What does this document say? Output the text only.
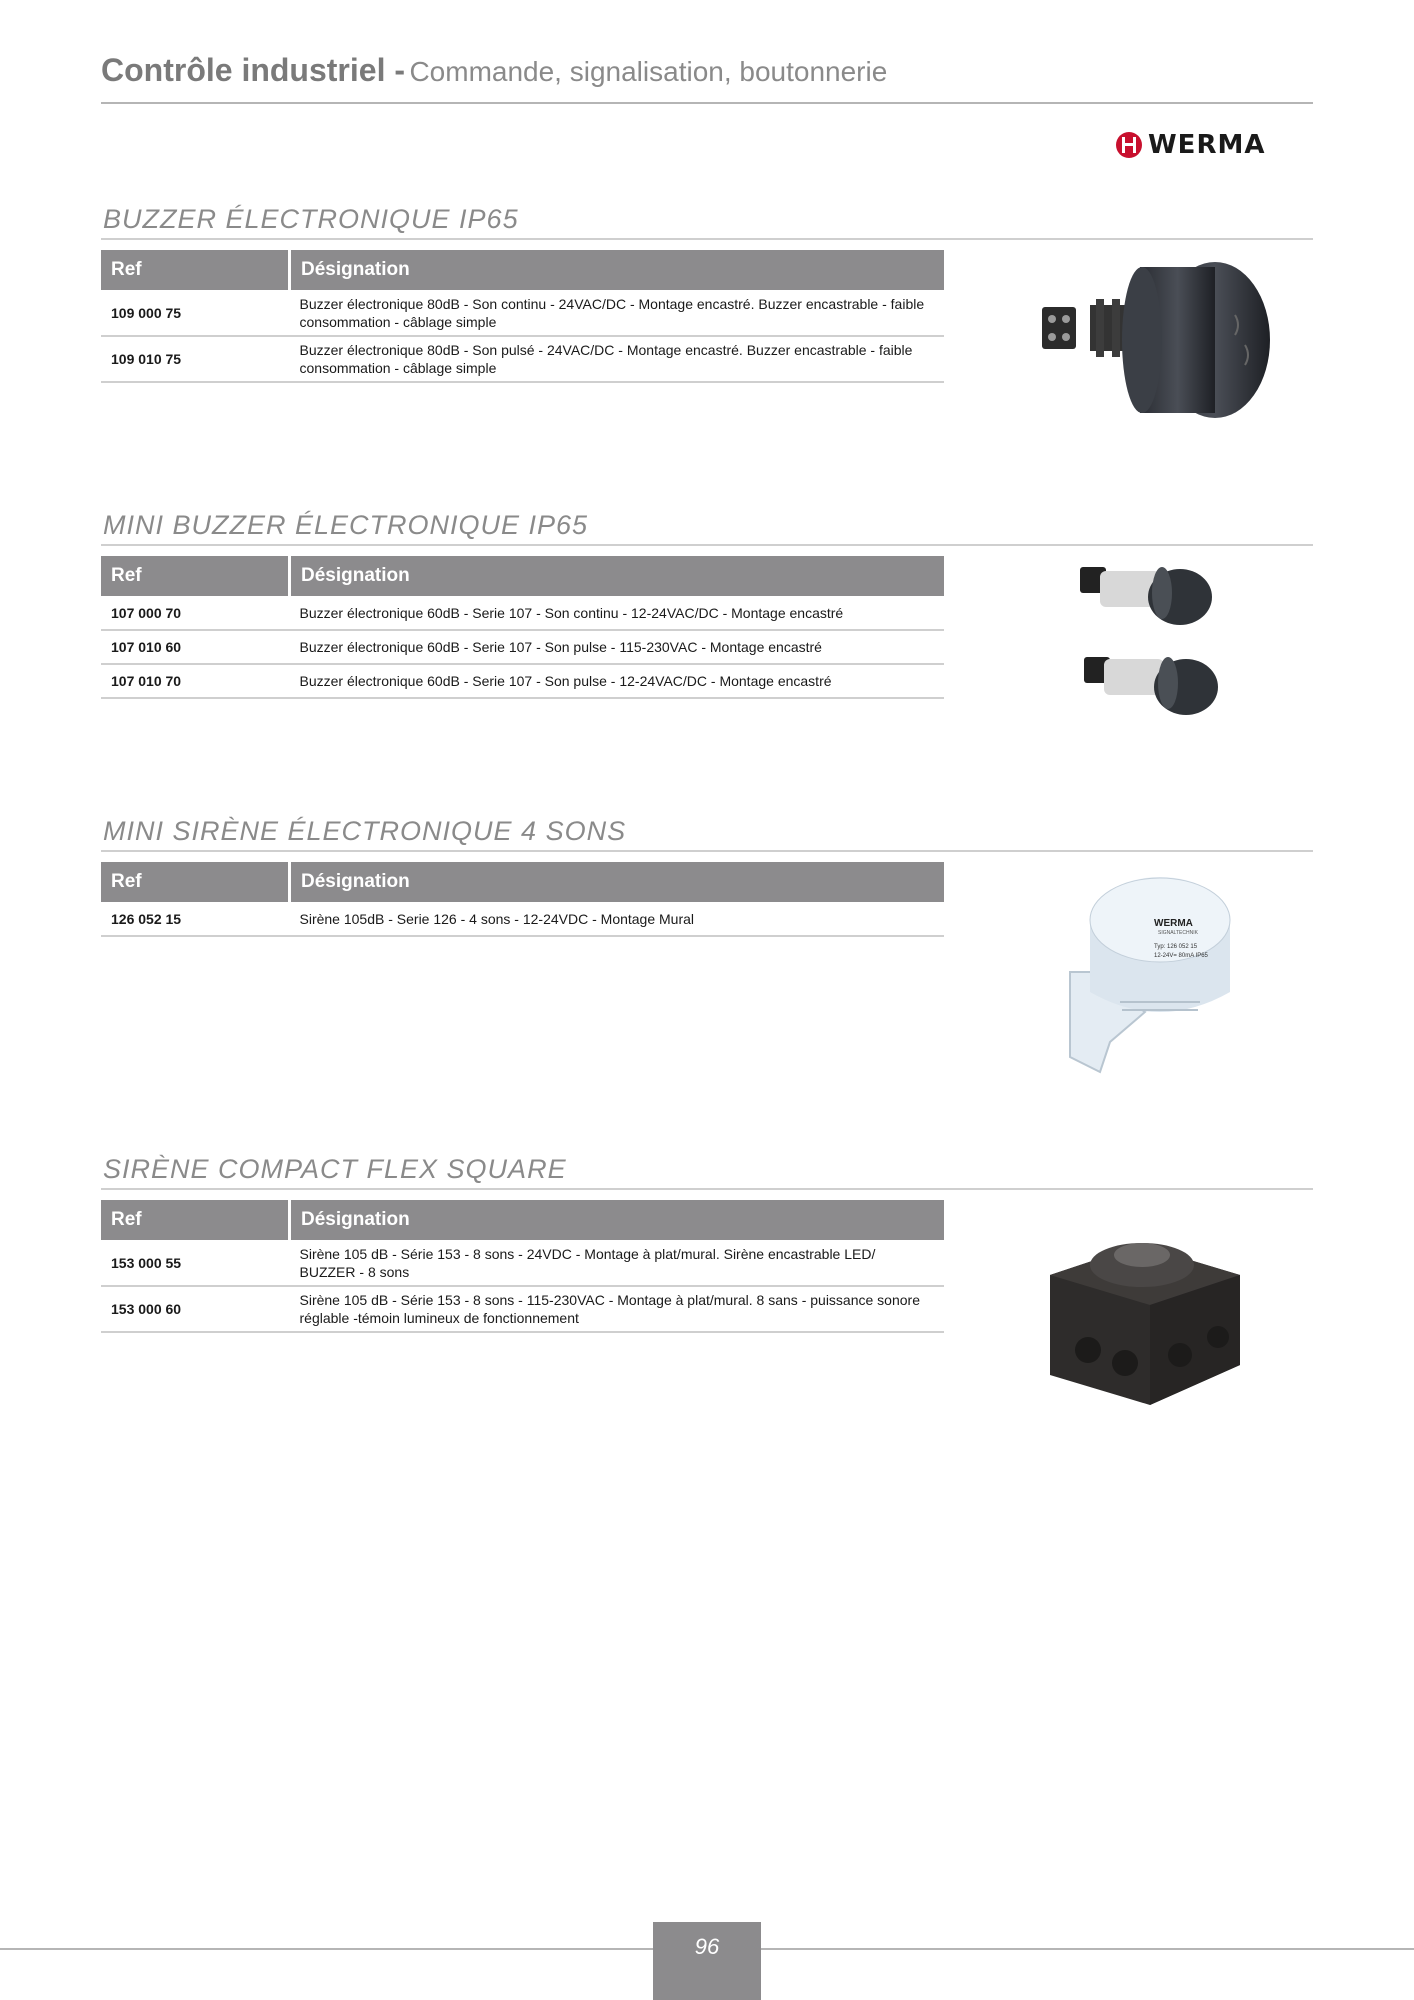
Contrôle industriel - Commande, signalisation, boutonnerie
WERMA
BUZZER ÉLECTRONIQUE IP65
Ref	Désignation
109 000 75	Buzzer électronique 80dB - Son continu - 24VAC/DC - Montage encastré. Buzzer encastrable - faible consommation - câblage simple
109 010 75	Buzzer électronique 80dB - Son pulsé - 24VAC/DC - Montage encastré. Buzzer encastrable - faible consommation - câblage simple
MINI BUZZER ÉLECTRONIQUE IP65
Ref	Désignation
107 000 70	Buzzer électronique 60dB - Serie 107 - Son continu - 12-24VAC/DC - Montage encastré
107 010 60	Buzzer électronique 60dB - Serie 107 - Son pulse - 115-230VAC - Montage encastré
107 010 70	Buzzer électronique 60dB - Serie 107 - Son pulse - 12-24VAC/DC - Montage encastré
MINI SIRÈNE ÉLECTRONIQUE 4 SONS
Ref	Désignation
126 052 15	Sirène 105dB - Serie 126 - 4 sons - 12-24VDC - Montage Mural	WERMA
SIGNALTECHNIK
Typ: 126 052 15
12-24V= 80mA IP65
SIRÈNE COMPACT FLEX SQUARE
Ref	Désignation
153 000 55	Sirène 105 dB - Série 153 - 8 sons - 24VDC - Montage à plat/mural. Sirène encastrable LED/ BUZZER - 8 sons
153 000 60	Sirène 105 dB - Série 153 - 8 sons - 115-230VAC - Montage à plat/mural. 8 sans - puissance sonore réglable -témoin lumineux de fonctionnement
96
